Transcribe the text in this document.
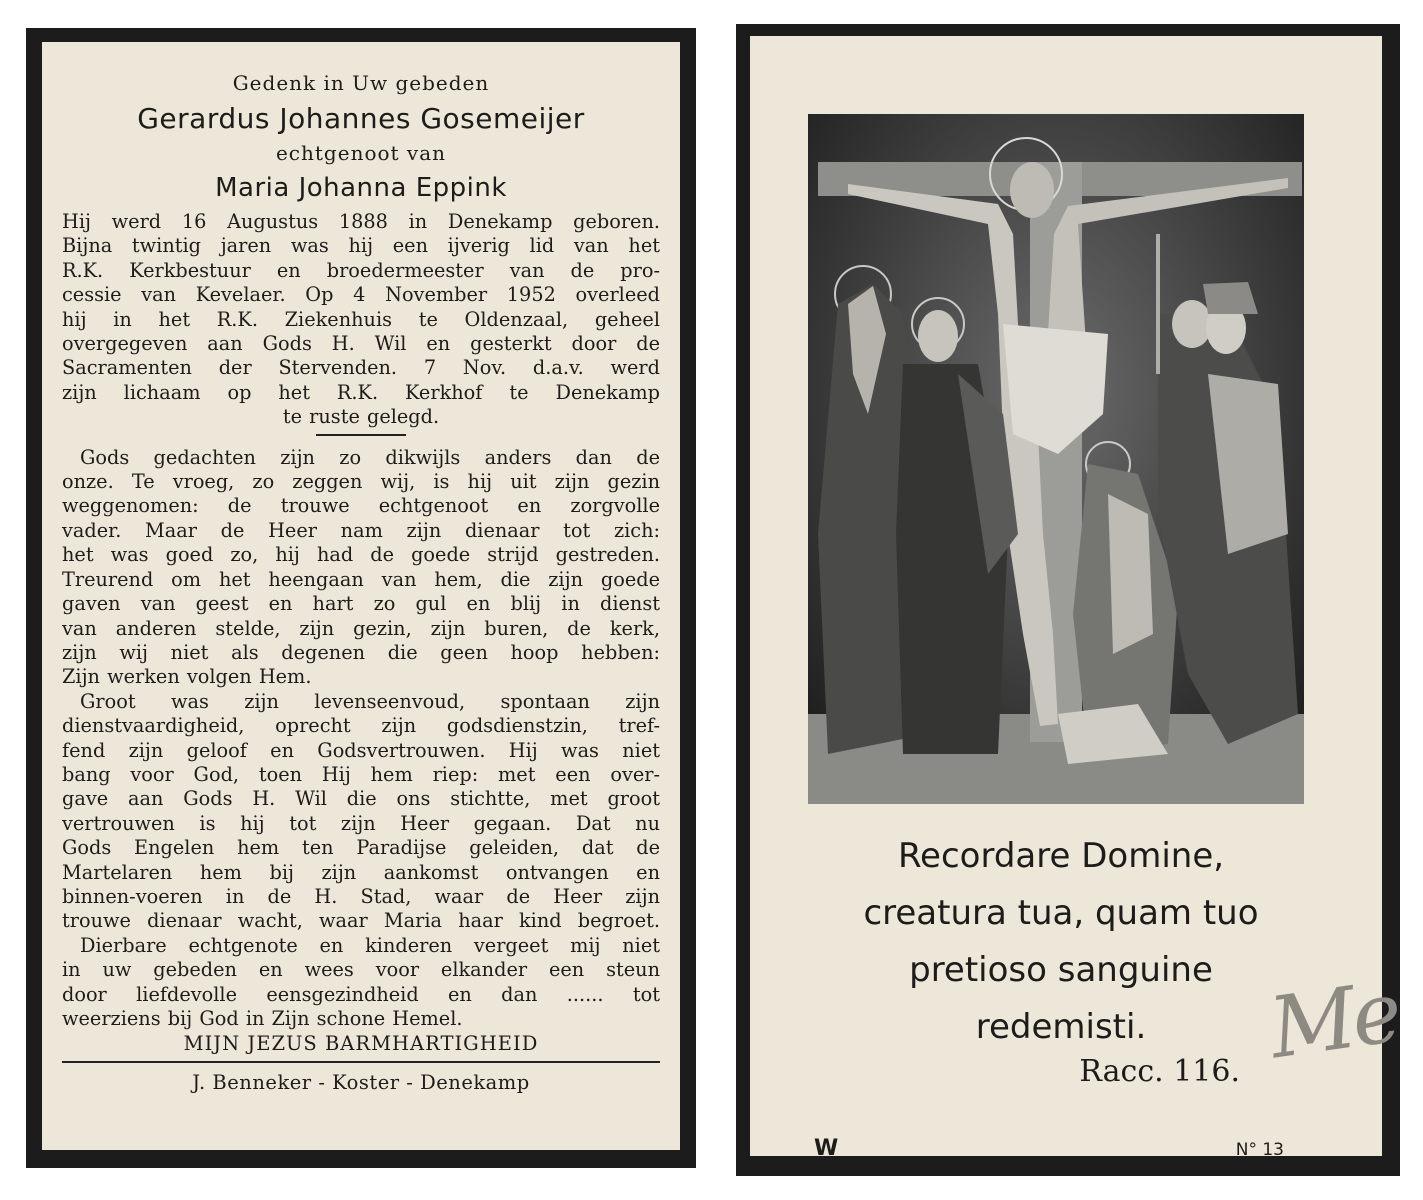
Gedenk in Uw gebeden
Gerardus Johannes Gosemeijer
echtgenoot van
Maria Johanna Eppink
Hij werd 16 Augustus 1888 in Denekamp geboren.
Bijna twintig jaren was hij een ijverig lid van het
R.K. Kerkbestuur en broedermeester van de pro-
cessie van Kevelaer. Op 4 November 1952 overleed
hij in het R.K. Ziekenhuis te Oldenzaal, geheel
overgegeven aan Gods H. Wil en gesterkt door de
Sacramenten der Stervenden. 7 Nov. d.a.v. werd
zijn lichaam op het R.K. Kerkhof te Denekamp
te ruste gelegd.
Gods gedachten zijn zo dikwijls anders dan de
onze. Te vroeg, zo zeggen wij, is hij uit zijn gezin
weggenomen: de trouwe echtgenoot en zorgvolle
vader. Maar de Heer nam zijn dienaar tot zich:
het was goed zo, hij had de goede strijd gestreden.
Treurend om het heengaan van hem, die zijn goede
gaven van geest en hart zo gul en blij in dienst
van anderen stelde, zijn gezin, zijn buren, de kerk,
zijn wij niet als degenen die geen hoop hebben:
Zijn werken volgen Hem.
Groot was zijn levenseenvoud, spontaan zijn
dienstvaardigheid, oprecht zijn godsdienstzin, tref-
fend zijn geloof en Godsvertrouwen. Hij was niet
bang voor God, toen Hij hem riep: met een over-
gave aan Gods H. Wil die ons stichtte, met groot
vertrouwen is hij tot zijn Heer gegaan. Dat nu
Gods Engelen hem ten Paradijse geleiden, dat de
Martelaren hem bij zijn aankomst ontvangen en
binnen-voeren in de H. Stad, waar de Heer zijn
trouwe dienaar wacht, waar Maria haar kind begroet.
Dierbare echtgenote en kinderen vergeet mij niet
in uw gebeden en wees voor elkander een steun
door liefdevolle eensgezindheid en dan ...... tot
weerziens bij God in Zijn schone Hemel.
MIJN JEZUS BARMHARTIGHEID
J. Benneker - Koster - Denekamp
Recordare Domine,
creatura tua, quam tuo
pretioso sanguine
redemisti.
Racc. 116. Me
W	N° 13
